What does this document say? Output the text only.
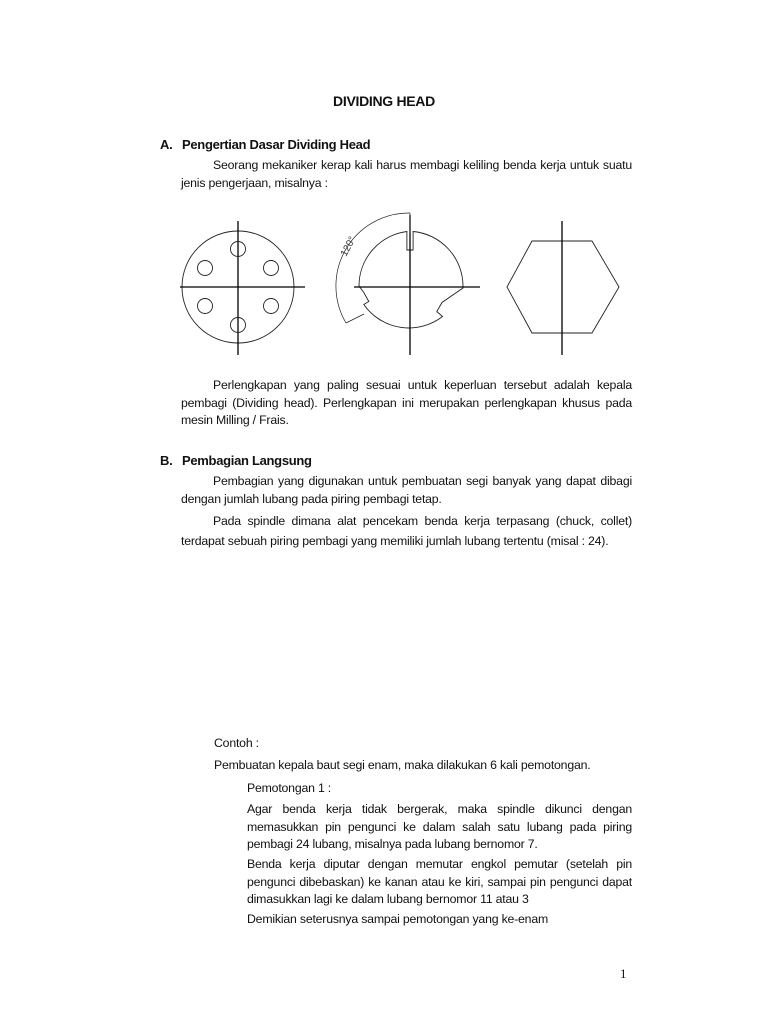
DIVIDING HEAD
A. Pengertian Dasar Dividing Head
Seorang mekaniker kerap kali harus membagi keliling benda kerja untuk suatu jenis pengerjaan, misalnya :
120°
Perlengkapan yang paling sesuai untuk keperluan tersebut adalah kepala pembagi (Dividing head). Perlengkapan ini merupakan perlengkapan khusus pada mesin Milling / Frais.
B. Pembagian Langsung
Pembagian yang digunakan untuk pembuatan segi banyak yang dapat dibagi dengan jumlah lubang pada piring pembagi tetap.
Pada spindle dimana alat pencekam benda kerja terpasang (chuck, collet) terdapat sebuah piring pembagi yang memiliki jumlah lubang tertentu (misal : 24).
Contoh :
Pembuatan kepala baut segi enam, maka dilakukan 6 kali pemotongan.
Pemotongan 1 :
Agar benda kerja tidak bergerak, maka spindle dikunci dengan memasukkan pin pengunci ke dalam salah satu lubang pada piring pembagi 24 lubang, misalnya pada lubang bernomor 7.
Benda kerja diputar dengan memutar engkol pemutar (setelah pin pengunci dibebaskan) ke kanan atau ke kiri, sampai pin pengunci dapat dimasukkan lagi ke dalam lubang bernomor 11 atau 3
Demikian seterusnya sampai pemotongan yang ke-enam
1
